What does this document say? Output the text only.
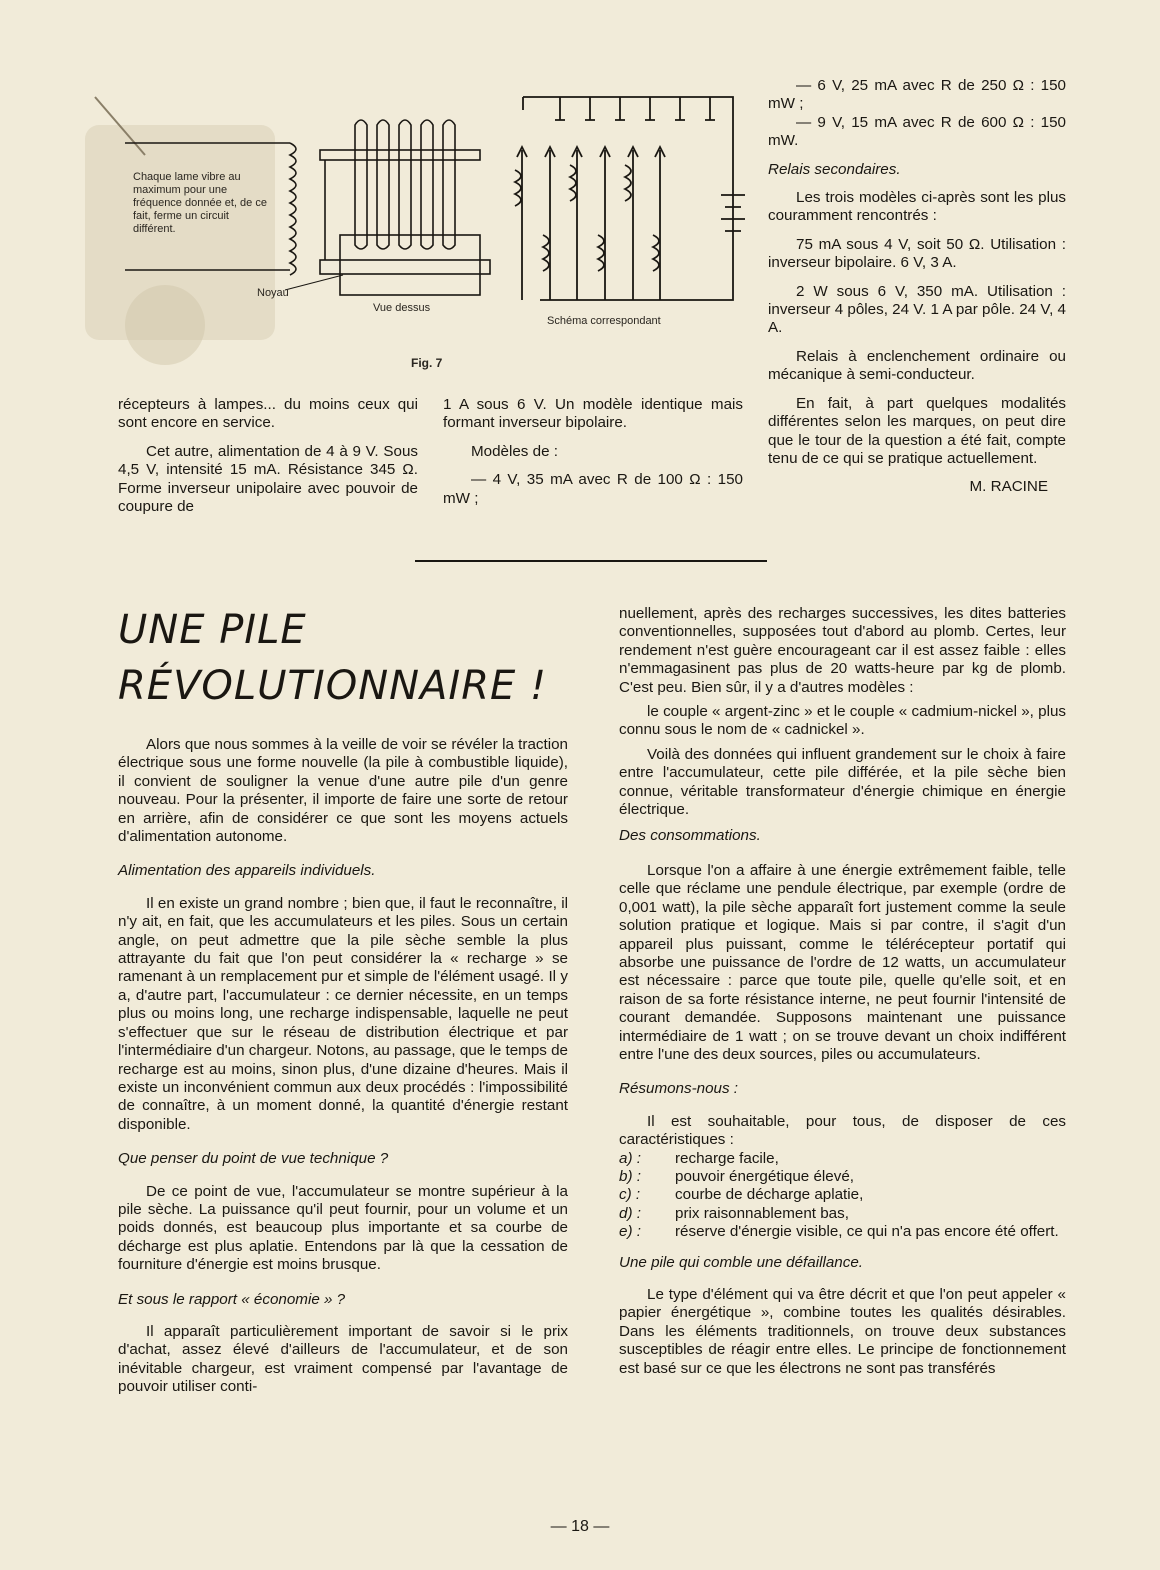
Chaque lame vibre au maximum pour une fréquence donnée et, de ce fait, ferme un circuit différent.
Noyau
Vue dessus
Schéma correspondant
Fig. 7

récepteurs à lampes... du moins ceux qui sont encore en service.

Cet autre, alimentation de 4 à 9 V. Sous 4,5 V, intensité 15 mA. Résistance 345 Ω. Forme inverseur unipolaire avec pouvoir de coupure de

1 A sous 6 V. Un modèle identique mais formant inverseur bipolaire.

Modèles de :

— 4 V, 35 mA avec R de 100 Ω : 150 mW ;

— 6 V, 25 mA avec R de 250 Ω : 150 mW ;

— 9 V, 15 mA avec R de 600 Ω : 150 mW.

Relais secondaires.

Les trois modèles ci-après sont les plus couramment rencontrés :

75 mA sous 4 V, soit 50 Ω. Utilisation : inverseur bipolaire. 6 V, 3 A.

2 W sous 6 V, 350 mA. Utilisation : inverseur 4 pôles, 24 V. 1 A par pôle. 24 V, 4 A.

Relais à enclenchement ordinaire ou mécanique à semi-conducteur.

En fait, à part quelques modalités différentes selon les marques, on peut dire que le tour de la question a été fait, compte tenu de ce qui se pratique actuellement.

M. RACINE

UNE PILE
RÉVOLUTIONNAIRE !

Alors que nous sommes à la veille de voir se révéler la traction électrique sous une forme nouvelle (la pile à combustible liquide), il convient de souligner la venue d'une autre pile d'un genre nouveau. Pour la présenter, il importe de faire une sorte de retour en arrière, afin de considérer ce que sont les moyens actuels d'alimentation autonome.

Alimentation des appareils individuels.

Il en existe un grand nombre ; bien que, il faut le reconnaître, il n'y ait, en fait, que les accumulateurs et les piles. Sous un certain angle, on peut admettre que la pile sèche semble la plus attrayante du fait que l'on peut considérer la « recharge » se ramenant à un remplacement pur et simple de l'élément usagé. Il y a, d'autre part, l'accumulateur : ce dernier nécessite, en un temps plus ou moins long, une recharge indispensable, laquelle ne peut s'effectuer que sur le réseau de distribution électrique et par l'intermédiaire d'un chargeur. Notons, au passage, que le temps de recharge est au moins, sinon plus, d'une dizaine d'heures. Mais il existe un inconvénient commun aux deux procédés : l'impossibilité de connaître, à un moment donné, la quantité d'énergie restant disponible.

Que penser du point de vue technique ?

De ce point de vue, l'accumulateur se montre supérieur à la pile sèche. La puissance qu'il peut fournir, pour un volume et un poids donnés, est beaucoup plus importante et sa courbe de décharge est plus aplatie. Entendons par là que la cessation de fourniture d'énergie est moins brusque.

Et sous le rapport « économie » ?

Il apparaît particulièrement important de savoir si le prix d'achat, assez élevé d'ailleurs de l'accumulateur, et de son inévitable chargeur, est vraiment compensé par l'avantage de pouvoir utiliser conti-

nuellement, après des recharges successives, les dites batteries conventionnelles, supposées tout d'abord au plomb. Certes, leur rendement n'est guère encourageant car il est assez faible : elles n'emmagasinent pas plus de 20 watts-heure par kg de plomb. C'est peu. Bien sûr, il y a d'autres modèles :

le couple « argent-zinc » et le couple « cadmium-nickel », plus connu sous le nom de « cadnickel ».

Voilà des données qui influent grandement sur le choix à faire entre l'accumulateur, cette pile différée, et la pile sèche bien connue, véritable transformateur d'énergie chimique en énergie électrique.

Des consommations.

Lorsque l'on a affaire à une énergie extrêmement faible, telle celle que réclame une pendule électrique, par exemple (ordre de 0,001 watt), la pile sèche apparaît fort justement comme la seule solution pratique et logique. Mais si par contre, il s'agit d'un appareil plus puissant, comme le télérécepteur portatif qui absorbe une puissance de l'ordre de 12 watts, un accumulateur est nécessaire : parce que toute pile, quelle qu'elle soit, et en raison de sa forte résistance interne, ne peut fournir l'intensité de courant demandée. Supposons maintenant une puissance intermédiaire de 1 watt ; on se trouve devant un choix indifférent entre l'une des deux sources, piles ou accumulateurs.

Résumons-nous :

Il est souhaitable, pour tous, de disposer de ces caractéristiques :

a) :	recharge facile,
b) :	pouvoir énergétique élevé,
c) :	courbe de décharge aplatie,
d) :	prix raisonnablement bas,
e) :	réserve d'énergie visible, ce qui n'a pas encore été offert.

Une pile qui comble une défaillance.

Le type d'élément qui va être décrit et que l'on peut appeler « papier énergétique », combine toutes les qualités désirables. Dans les éléments traditionnels, on trouve deux substances susceptibles de réagir entre elles. Le principe de fonctionnement est basé sur ce que les électrons ne sont pas transférés

— 18 —
